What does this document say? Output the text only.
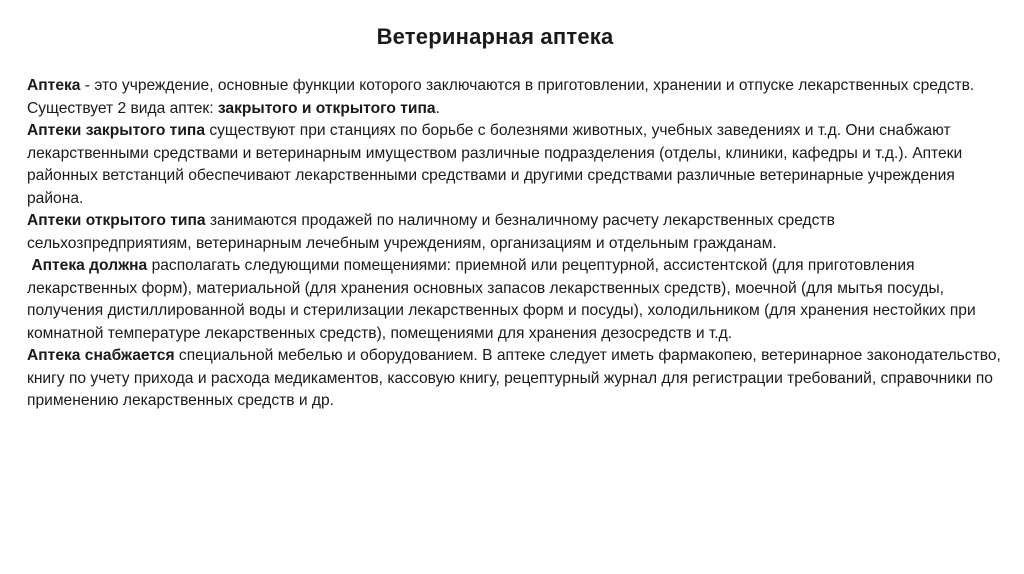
Ветеринарная аптека

Аптека - это учреждение, основные функции которого заключаются в приготовлении, хранении и отпуске лекарственных средств.

Существует 2 вида аптек: закрытого и открытого типа.

Аптеки закрытого типа существуют при станциях по борьбе с болезнями животных, учебных заведениях и т.д. Они снабжают лекарственными средствами и ветеринарным имуществом различные подразделения (отделы, клиники, кафедры и т.д.). Аптеки районных ветстанций обеспечивают лекарственными средствами и другими средствами различные ветеринарные учреждения района.

Аптеки открытого типа занимаются продажей по наличному и безналичному расчету лекарственных средств сельхозпредприятиям, ветеринарным лечебным учреждениям, организациям и отдельным гражданам.

Аптека должна располагать следующими помещениями: приемной или рецептурной, ассистентской (для приготовления лекарственных форм), материальной (для хранения основных запасов лекарственных средств), моечной (для мытья посуды, получения дистиллированной воды и стерилизации лекарственных форм и посуды), холодильником (для хранения нестойких при комнатной температуре лекарственных средств), помещениями для хранения дезосредств и т.д.

Аптека снабжается специальной мебелью и оборудованием. В аптеке следует иметь фармакопею, ветеринарное законодательство, книгу по учету прихода и расхода медикаментов, кассовую книгу, рецептурный журнал для регистрации требований, справочники по применению лекарственных средств и др.
